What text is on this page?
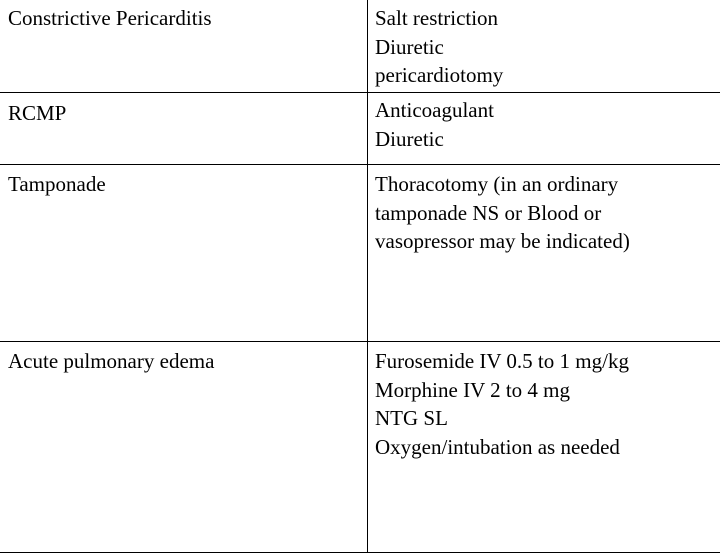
Constrictive Pericarditis	Salt restriction
Diuretic
pericardiotomy
RCMP	Anticoagulant
Diuretic
Tamponade	Thoracotomy (in an ordinary
tamponade NS or Blood or
vasopressor may be indicated)
Acute pulmonary edema	Furosemide IV 0.5 to 1 mg/kg
Morphine IV 2 to 4 mg
NTG SL
Oxygen/intubation as needed
